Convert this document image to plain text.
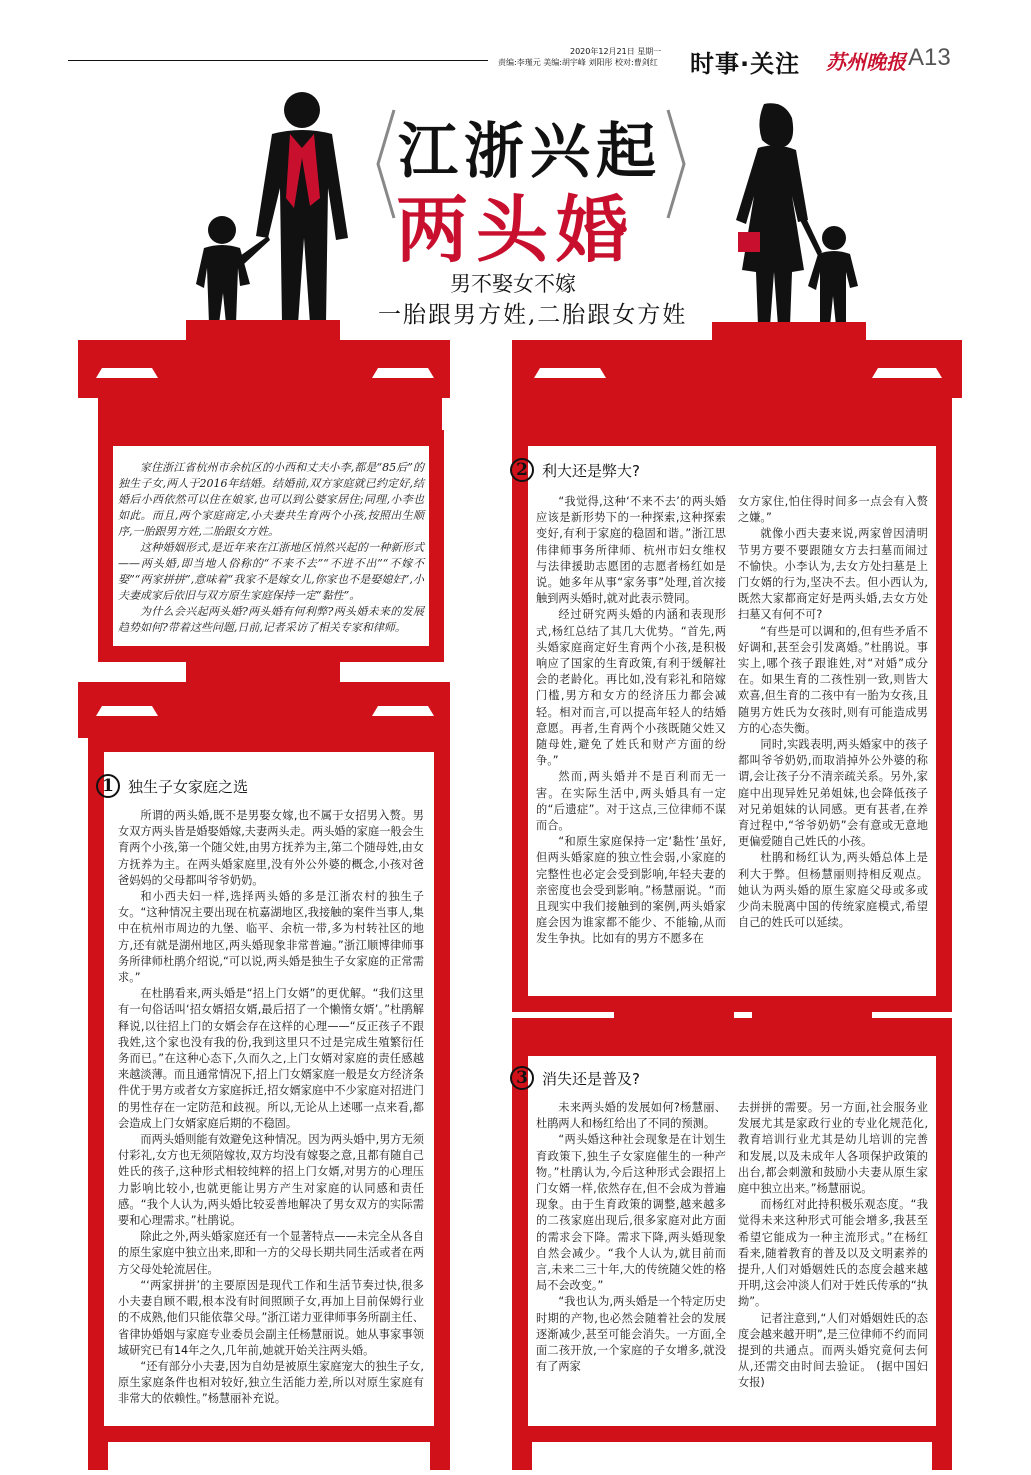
2020年12月21日 星期一
责编:李瑾元 美编:胡宇峰 刘阳彤 校对:曹剑红	时事·关注 苏州晚报 A13
江浙兴起
两头婚
男不娶女不嫁
一胎跟男方姓,二胎跟女方姓

家住浙江省杭州市余杭区的小西和丈夫小李,都是“85后”的独生子女,两人于2016年结婚。结婚前,双方家庭就已约定好,结婚后小西依然可以住在娘家,也可以到公婆家居住;同理,小李也如此。而且,两个家庭商定,小夫妻共生育两个小孩,按照出生顺序,一胎跟男方姓,二胎跟女方姓。

这种婚姻形式,是近年来在江浙地区悄然兴起的一种新形式——两头婚,即当地人俗称的“不来不去”“不进不出”“不嫁不娶”“两家拼拼”,意味着“我家不是嫁女儿,你家也不是娶媳妇”,小夫妻成家后依旧与双方原生家庭保持一定“黏性”。

为什么会兴起两头婚?两头婚有何利弊?两头婚未来的发展趋势如何?带着这些问题,日前,记者采访了相关专家和律师。

1 独生子女家庭之选

所谓的两头婚,既不是男娶女嫁,也不属于女招男入赘。男女双方两头皆是婚娶婚嫁,夫妻两头走。两头婚的家庭一般会生育两个小孩,第一个随父姓,由男方抚养为主,第二个随母姓,由女方抚养为主。在两头婚家庭里,没有外公外婆的概念,小孩对爸爸妈妈的父母都叫爷爷奶奶。

和小西夫妇一样,选择两头婚的多是江浙农村的独生子女。“这种情况主要出现在杭嘉湖地区,我接触的案件当事人,集中在杭州市周边的九堡、临平、余杭一带,多为村转社区的地方,还有就是湖州地区,两头婚现象非常普遍。”浙江顺博律师事务所律师杜鹃介绍说,“可以说,两头婚是独生子女家庭的正常需求。”

在杜鹃看来,两头婚是“招上门女婿”的更优解。“我们这里有一句俗话叫‘招女婿招女婿,最后招了一个懒惰女婿’。”杜鹃解释说,以往招上门的女婿会存在这样的心理——“反正孩子不跟我姓,这个家也没有我的份,我到这里只不过是完成生殖繁衍任务而已。”在这种心态下,久而久之,上门女婿对家庭的责任感越来越淡薄。而且通常情况下,招上门女婿家庭一般是女方经济条件优于男方或者女方家庭拆迁,招女婿家庭中不少家庭对招进门的男性存在一定防范和歧视。所以,无论从上述哪一点来看,都会造成上门女婿家庭后期的不稳固。

而两头婚则能有效避免这种情况。因为两头婚中,男方无须付彩礼,女方也无须陪嫁妆,双方均没有嫁娶之意,且都有随自己姓氏的孩子,这种形式相较纯粹的招上门女婿,对男方的心理压力影响比较小,也就更能让男方产生对家庭的认同感和责任感。“我个人认为,两头婚比较妥善地解决了男女双方的实际需要和心理需求。”杜鹃说。

除此之外,两头婚家庭还有一个显著特点——未完全从各自的原生家庭中独立出来,即和一方的父母长期共同生活或者在两方父母处轮流居住。

“‘两家拼拼’的主要原因是现代工作和生活节奏过快,很多小夫妻自顾不暇,根本没有时间照顾子女,再加上目前保姆行业的不成熟,他们只能依靠父母。”浙江诺力亚律师事务所副主任、省律协婚姻与家庭专业委员会副主任杨慧丽说。她从事家事领域研究已有14年之久,几年前,她就开始关注两头婚。

“还有部分小夫妻,因为自幼是被原生家庭宠大的独生子女,原生家庭条件也相对较好,独立生活能力差,所以对原生家庭有非常大的依赖性。”杨慧丽补充说。

2 利大还是弊大?

“我觉得,这种‘不来不去’的两头婚应该是新形势下的一种探索,这种探索变好,有利于家庭的稳固和谐。”浙江思伟律师事务所律师、杭州市妇女维权与法律援助志愿团的志愿者杨红如是说。她多年从事“家务事”处理,首次接触到两头婚时,就对此表示赞同。

经过研究两头婚的内涵和表现形式,杨红总结了其几大优势。“首先,两头婚家庭商定好生育两个小孩,是积极响应了国家的生育政策,有利于缓解社会的老龄化。再比如,没有彩礼和陪嫁门槛,男方和女方的经济压力都会减轻。相对而言,可以提高年轻人的结婚意愿。再者,生育两个小孩既随父姓又随母姓,避免了姓氏和财产方面的纷争。”

然而,两头婚并不是百利而无一害。在实际生活中,两头婚具有一定的“后遗症”。对于这点,三位律师不谋而合。

“和原生家庭保持一定‘黏性’虽好,但两头婚家庭的独立性会弱,小家庭的完整性也必定会受到影响,年轻夫妻的亲密度也会受到影响。”杨慧丽说。“而且现实中我们接触到的案例,两头婚家庭会因为谁家都不能少、不能输,从而发生争执。比如有的男方不愿多在

女方家住,怕住得时间多一点会有入赘之嫌。”

就像小西夫妻来说,两家曾因清明节男方要不要跟随女方去扫墓而闹过不愉快。小李认为,去女方处扫墓是上门女婿的行为,坚决不去。但小西认为,既然大家都商定好是两头婚,去女方处扫墓又有何不可?

“有些是可以调和的,但有些矛盾不好调和,甚至会引发离婚。”杜鹃说。事实上,哪个孩子跟谁姓,对“对婚”成分在。如果生育的二孩性别一致,则皆大欢喜,但生育的二孩中有一胎为女孩,且随男方姓氏为女孩时,则有可能造成男方的心态失衡。

同时,实践表明,两头婚家中的孩子都叫爷爷奶奶,而取消掉外公外婆的称谓,会让孩子分不清亲疏关系。另外,家庭中出现异姓兄弟姐妹,也会降低孩子对兄弟姐妹的认同感。更有甚者,在养育过程中,“爷爷奶奶”会有意或无意地更偏爱随自己姓氏的小孩。

杜鹃和杨红认为,两头婚总体上是利大于弊。但杨慧丽则持相反观点。她认为两头婚的原生家庭父母或多或少尚未脱离中国的传统家庭模式,希望自己的姓氏可以延续。

3 消失还是普及?

未来两头婚的发展如何?杨慧丽、杜鹃两人和杨红给出了不同的预测。

“两头婚这种社会现象是在计划生育政策下,独生子女家庭催生的一种产物。”杜鹃认为,今后这种形式会跟招上门女婿一样,依然存在,但不会成为普遍现象。由于生育政策的调整,越来越多的二孩家庭出现后,很多家庭对此方面的需求会下降。需求下降,两头婚现象自然会减少。“我个人认为,就目前而言,未来二三十年,大的传统随父姓的格局不会改变。”

“我也认为,两头婚是一个特定历史时期的产物,也必然会随着社会的发展逐渐减少,甚至可能会消失。一方面,全面二孩开放,一个家庭的子女增多,就没有了两家

去拼拼的需要。另一方面,社会服务业发展尤其是家政行业的专业化规范化,教育培训行业尤其是幼儿培训的完善和发展,以及未成年人各项保护政策的出台,都会刺激和鼓励小夫妻从原生家庭中独立出来。”杨慧丽说。

而杨红对此持积极乐观态度。“我觉得未来这种形式可能会增多,我甚至希望它能成为一种主流形式。”在杨红看来,随着教育的普及以及文明素养的提升,人们对婚姻姓氏的态度会越来越开明,这会冲淡人们对于姓氏传承的“执拗”。

记者注意到,“人们对婚姻姓氏的态度会越来越开明”,是三位律师不约而同提到的共通点。而两头婚究竟何去何从,还需交由时间去验证。 (据中国妇女报)
